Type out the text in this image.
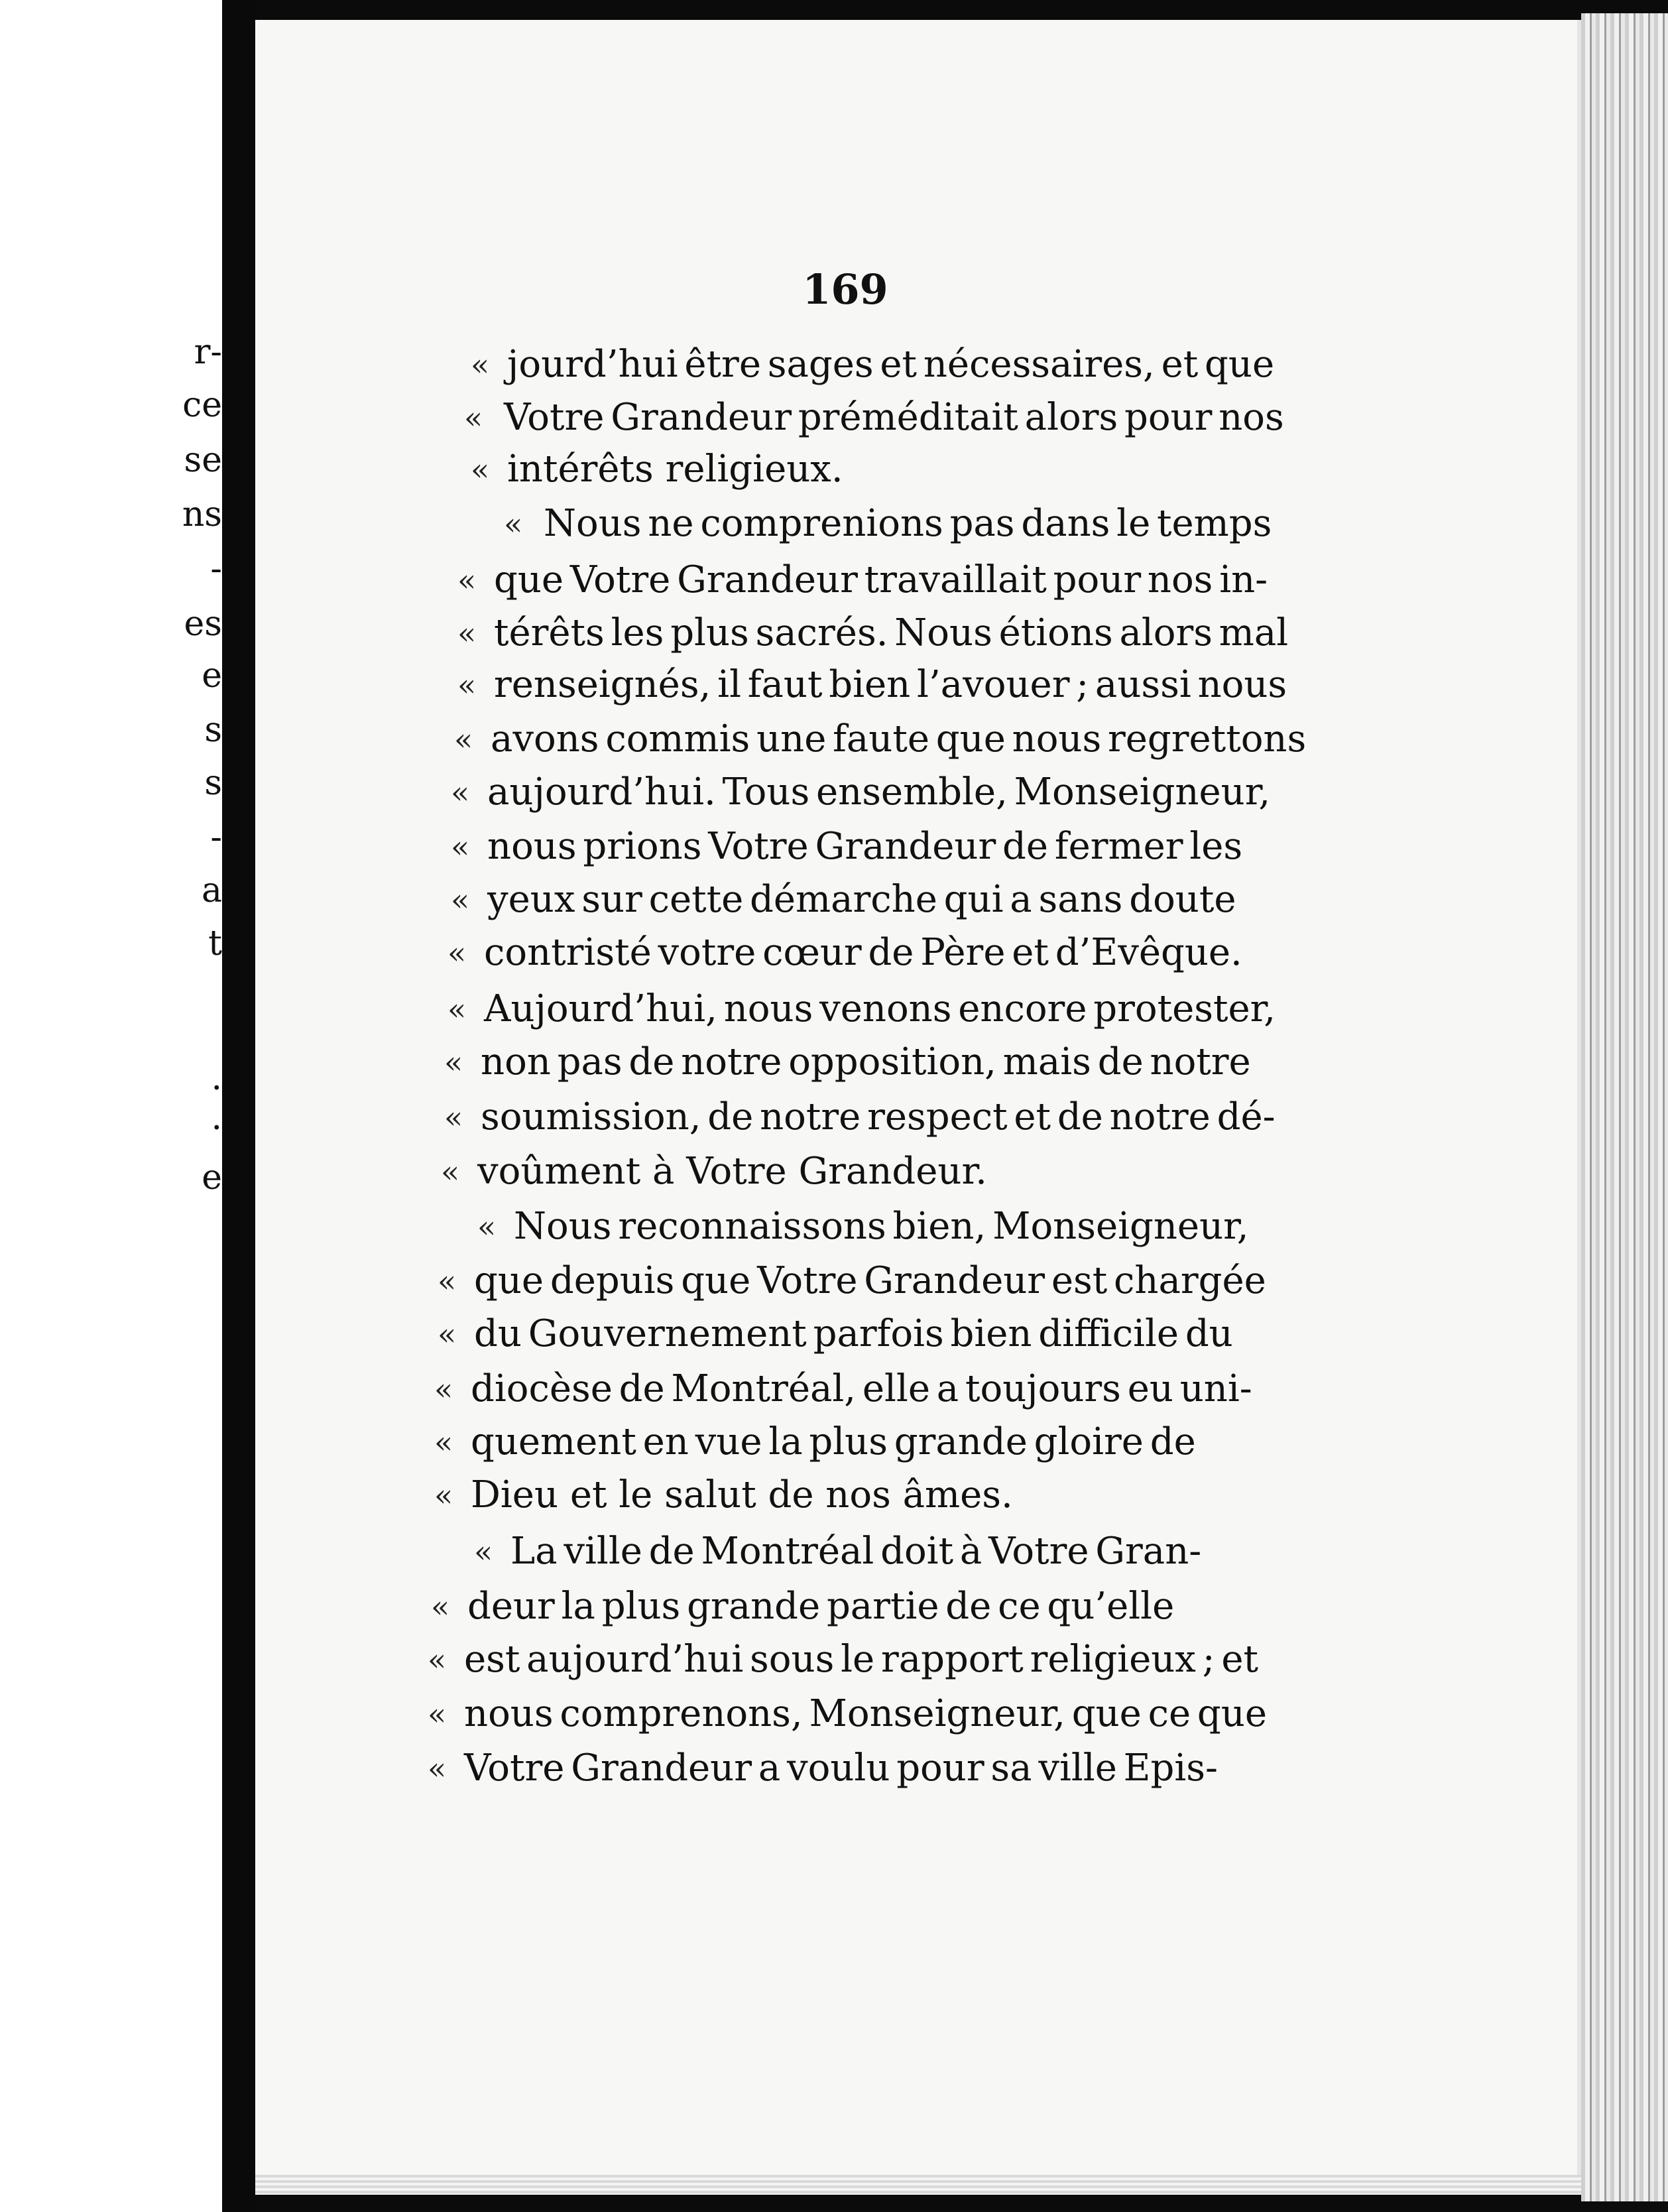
r-
ce
se
ns
-
es
e
s
s
-
a
t
.
.
e
169
« jourd’hui être sages et nécessaires, et que
« Votre Grandeur préméditait alors pour nos
« intérêts religieux.
« Nous ne comprenions pas dans le temps
« que Votre Grandeur travaillait pour nos in-
« térêts les plus sacrés. Nous étions alors mal
« renseignés, il faut bien l’avouer ; aussi nous
« avons commis une faute que nous regrettons
« aujourd’hui. Tous ensemble, Monseigneur,
« nous prions Votre Grandeur de fermer les
« yeux sur cette démarche qui a sans doute
« contristé votre cœur de Père et d’Evêque.
« Aujourd’hui, nous venons encore protester,
« non pas de notre opposition, mais de notre
« soumission, de notre respect et de notre dé-
« voûment à Votre Grandeur.
« Nous reconnaissons bien, Monseigneur,
« que depuis que Votre Grandeur est chargée
« du Gouvernement parfois bien difficile du
« diocèse de Montréal, elle a toujours eu uni-
« quement en vue la plus grande gloire de
« Dieu et le salut de nos âmes.
« La ville de Montréal doit à Votre Gran-
« deur la plus grande partie de ce qu’elle
« est aujourd’hui sous le rapport religieux ; et
« nous comprenons, Monseigneur, que ce que
« Votre Grandeur a voulu pour sa ville Epis-
